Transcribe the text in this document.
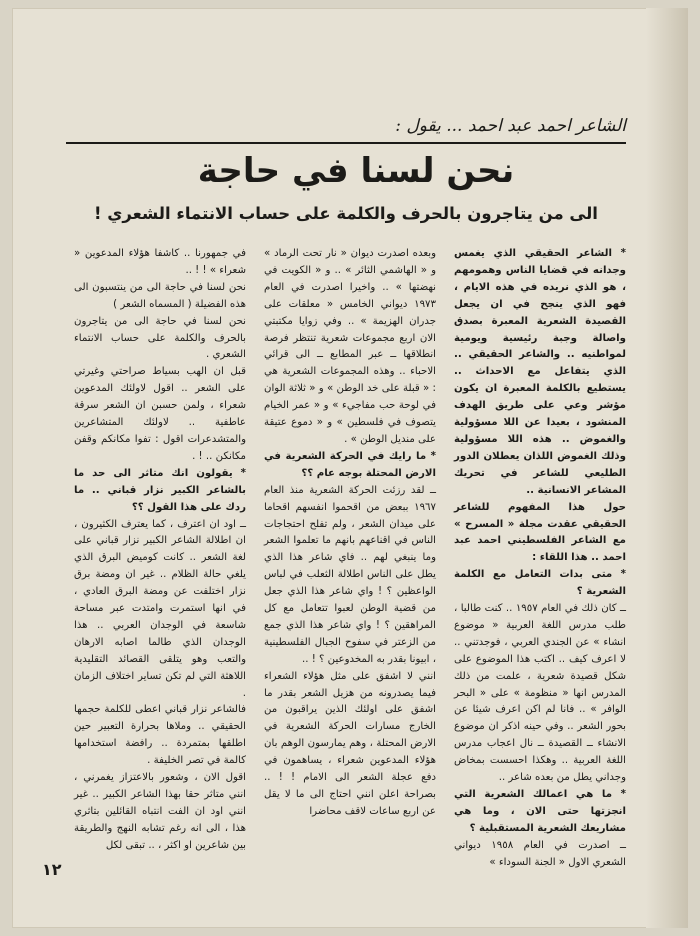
الشاعر احمد عبد احمد ... يقول :
نحن لسنا في حاجة
الى من يتاجرون بالحرف والكلمة على حساب الانتماء الشعري !

* الشاعر الحقيقي الذي يغمس وجدانه في قضايا الناس وهمومهم ، هو الذي نريده في هذه الايام ، فهو الذي ينجح في ان يجعل القصيدة الشعرية المعبرة بصدق واصالة وجبة رئيسية ويومية لمواطنيه .. والشاعر الحقيقي .. الذي يتفاعل مع الاحداث .. يستطيع بالكلمة المعبرة ان يكون مؤشر وعي على طريق الهدف المنشود ، بعيدا عن اللا مسؤولية والغموض .. هذه اللا مسؤولية وذلك الغموض اللذان يعطلان الدور الطليعي للشاعر في تحريك المشاعر الانسانية ..

حول هذا المفهوم للشاعر الحقيقي عقدت مجلة « المسرح » مع الشاعر الفلسطيني احمد عبد احمد .. هذا اللقاء :

* متى بدات التعامل مع الكلمة الشعرية ؟

ــ كان ذلك في العام ١٩٥٧ .. كنت طالبا ، طلب مدرس اللغة العربية « موضوع انشاء » عن الجندي العربي ، فوجدتني .. لا اعرف كيف .. اكتب هذا الموضوع على شكل قصيدة شعرية ، علمت من ذلك المدرس انها « منظومة » على « البحر الوافر » .. فانا لم اكن اعرف شيئا عن بحور الشعر .. وفي حينه اذكر ان موضوع الانشاء ــ القصيدة ــ نال اعجاب مدرس اللغة العربية .. وهكذا احسست بمخاض وجداني يطل من بعده شاعر ..

* ما هي اعمالك الشعرية التي انجزتها حتى الان ، وما هي مشاريعك الشعرية المستقبلية ؟

ــ اصدرت في العام ١٩٥٨ ديواني الشعري الاول « الجنة السوداء »

وبعده اصدرت ديوان « نار تحت الرماد » و « الهاشمي الثائر » .. و « الكويت في نهضتها » .. واخيرا اصدرت في العام ١٩٧٣ ديواني الخامس « معلقات على جدران الهزيمة » .. وفي زوايا مكتبتي الان اربع مجموعات شعرية تنتظر فرصة انطلاقها ــ عبر المطابع ــ الى قرائي الاحباء .. وهذه المجموعات الشعرية هي : « قبلة على خد الوطن » و « ثلاثة الوان في لوحة حب مفاجيء » و « عمر الخيام يتصوف في فلسطين » و « دموع عتيقة على منديل الوطن » .

* ما رايك في الحركة الشعرية في الارض المحتلة بوجه عام ؟؟

ــ لقد رزئت الحركة الشعرية منذ العام ١٩٦٧ ببعض من اقحموا انفسهم اقحاما على ميدان الشعر ، ولم تفلح احتجاجات الناس في اقناعهم بانهم ما تعلموا الشعر وما ينبغي لهم .. فاي شاعر هذا الذي يطل على الناس اطلالة الثعلب في لباس الواعظين ؟ ! واي شاعر هذا الذي جعل من قضية الوطن لعبوا تتعامل مع كل المراهقين ؟ ! واي شاعر هذا الذي جمع من الزعتر في سفوح الجبال الفلسطينية ، ابيونا بقدر به المخدوعين ؟ ! ..

انني لا اشفق على مثل هؤلاء الشعراء فيما يصدرونه من هزيل الشعر بقدر ما اشفق على اولئك الذين يراقبون من الخارج مسارات الحركة الشعرية في الارض المحتلة ، وهم يمارسون الوهم بان هؤلاء المدعوين شعراء ، يساهمون في دفع عجلة الشعر الى الامام ! ! .. بصراحة اعلن انني احتاج الى ما لا يقل عن اربع ساعات لاقف محاضرا

في جمهورنا .. كاشفا هؤلاء المدعوين « شعراء » ! ! ..

نحن لسنا في حاجة الى من ينتسبون الى هذه الفضيلة ( المسماه الشعر )

نحن لسنا في حاجة الى من يتاجرون بالحرف والكلمة على حساب الانتماء الشعري .

قبل ان الهب بسياط صراحتي وغيرتي على الشعر .. اقول لاولئك المدعوين شعراء ، ولمن حسبن ان الشعر سرقة عاطفية .. لاولئك المتشاعرين والمتشدعرات اقول : تفوا مكانكم وقفن مكانكن .. ! .

* يقولون انك متاثر الى حد ما بالشاعر الكبير نزار قباني .. ما ردك على هذا القول ؟؟

ــ اود ان اعترف ، كما يعترف الكثيرون ، ان اطلالة الشاعر الكبير نزار قباني على لغة الشعر .. كانت كوميض البرق الذي يلغي حالة الظلام .. غير ان ومضة برق نزار اختلفت عن ومضة البرق العادي ، في انها استمرت وامتدت عبر مساحة شاسعة في الوجدان العربي .. هذا الوجدان الذي طالما اصابه الارهان والتعب وهو يتلقى القصائد التقليدية اللاهثة التي لم تكن تساير اختلاف الزمان .

فالشاعر نزار قباني اعطى للكلمة حجمها الحقيقي .. وملاها بحرارة التعبير حين اطلقها بمتمردة .. رافضة استخدامها كالمة في تصر الخليفة .

اقول الان ، وشعور بالاعتزاز يغمرني ، انني متاثر حقا بهذا الشاعر الكبير .. غير انني اود ان الفت انتباه القائلين بتاثري هذا ، الى انه رغم تشابه النهج والطريقة بين شاعرين او اكثر ، .. تبقى لكل

١٢
